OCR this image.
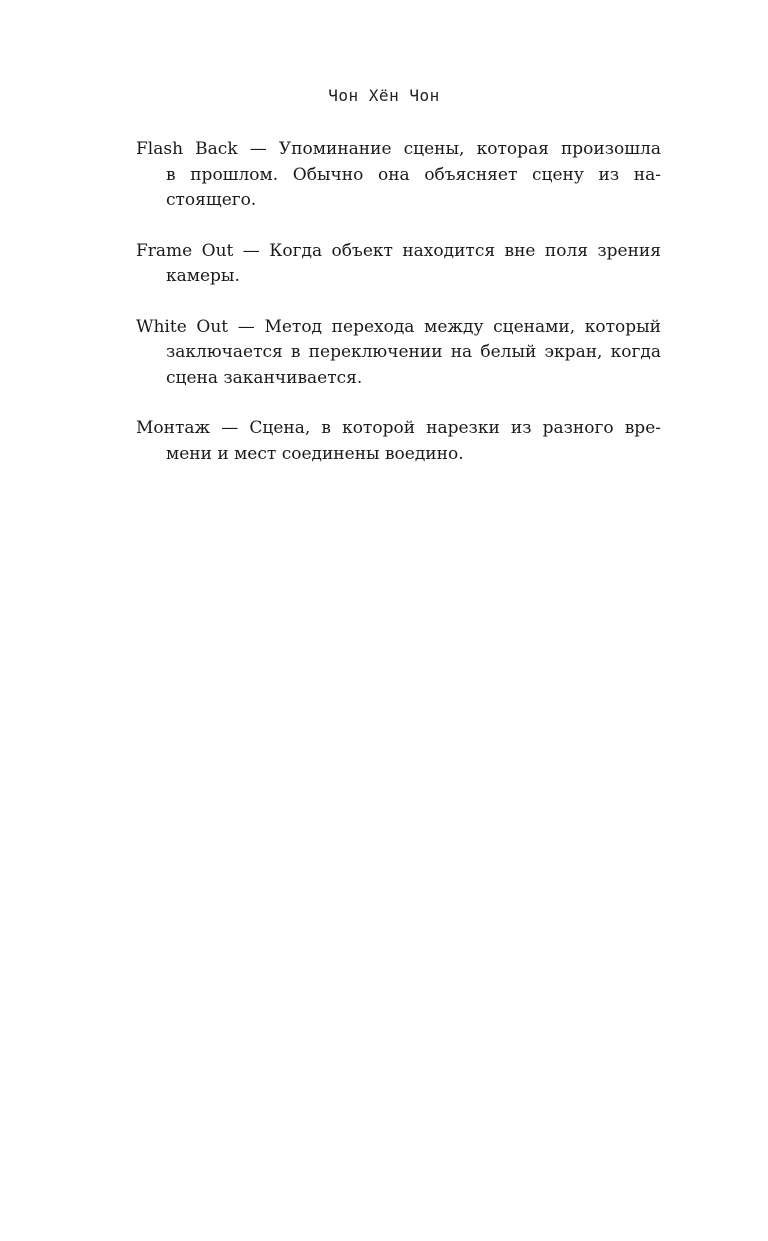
Чон Хён Чон

Flash Back — Упоминание сцены, которая произошла
в прошлом. Обычно она объясняет сцену из на-
стоящего.

Frame Out — Когда объект находится вне поля зрения
камеры.

White Out — Метод перехода между сценами, который
заключается в переключении на белый экран, когда
сцена заканчивается.

Монтаж — Сцена, в которой нарезки из разного вре-
мени и мест соединены воедино.
